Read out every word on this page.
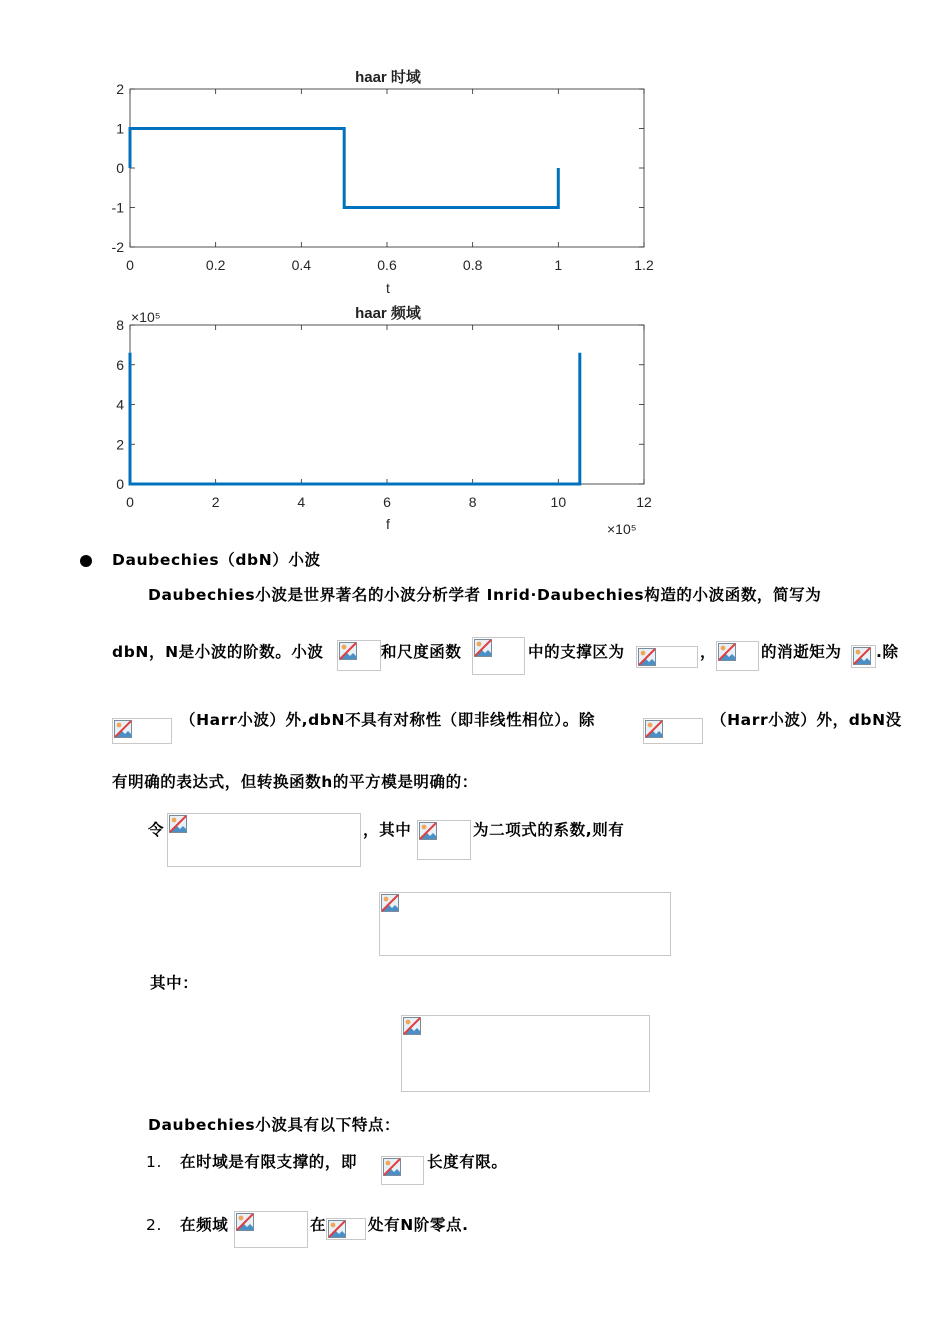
haar 时域
0	0.2	0.4	0.6	0.8	1	1.2
2
1
0
-1
-2
t
haar 频域
×10⁵
0	2	4	6	8	10	12
8
6
4
2
0
f	×10⁵
Daubechies（dbN）小波
Daubechies小波是世界著名的小波分析学者 Inrid·Daubechies构造的小波函数，简写为
dbN，N是小波的阶数。小波	和尺度函数	中的支撑区为	，	的消逝矩为 .除
（Harr小波）外,dbN不具有对称性（即非线性相位）。除	（Harr小波）外，dbN没
有明确的表达式，但转换函数h的平方模是明确的：
令	，其中	为二项式的系数,则有
其中：
Daubechies小波具有以下特点：
1. 在时域是有限支撑的，即	长度有限。
2. 在频域	在	处有N阶零点.
